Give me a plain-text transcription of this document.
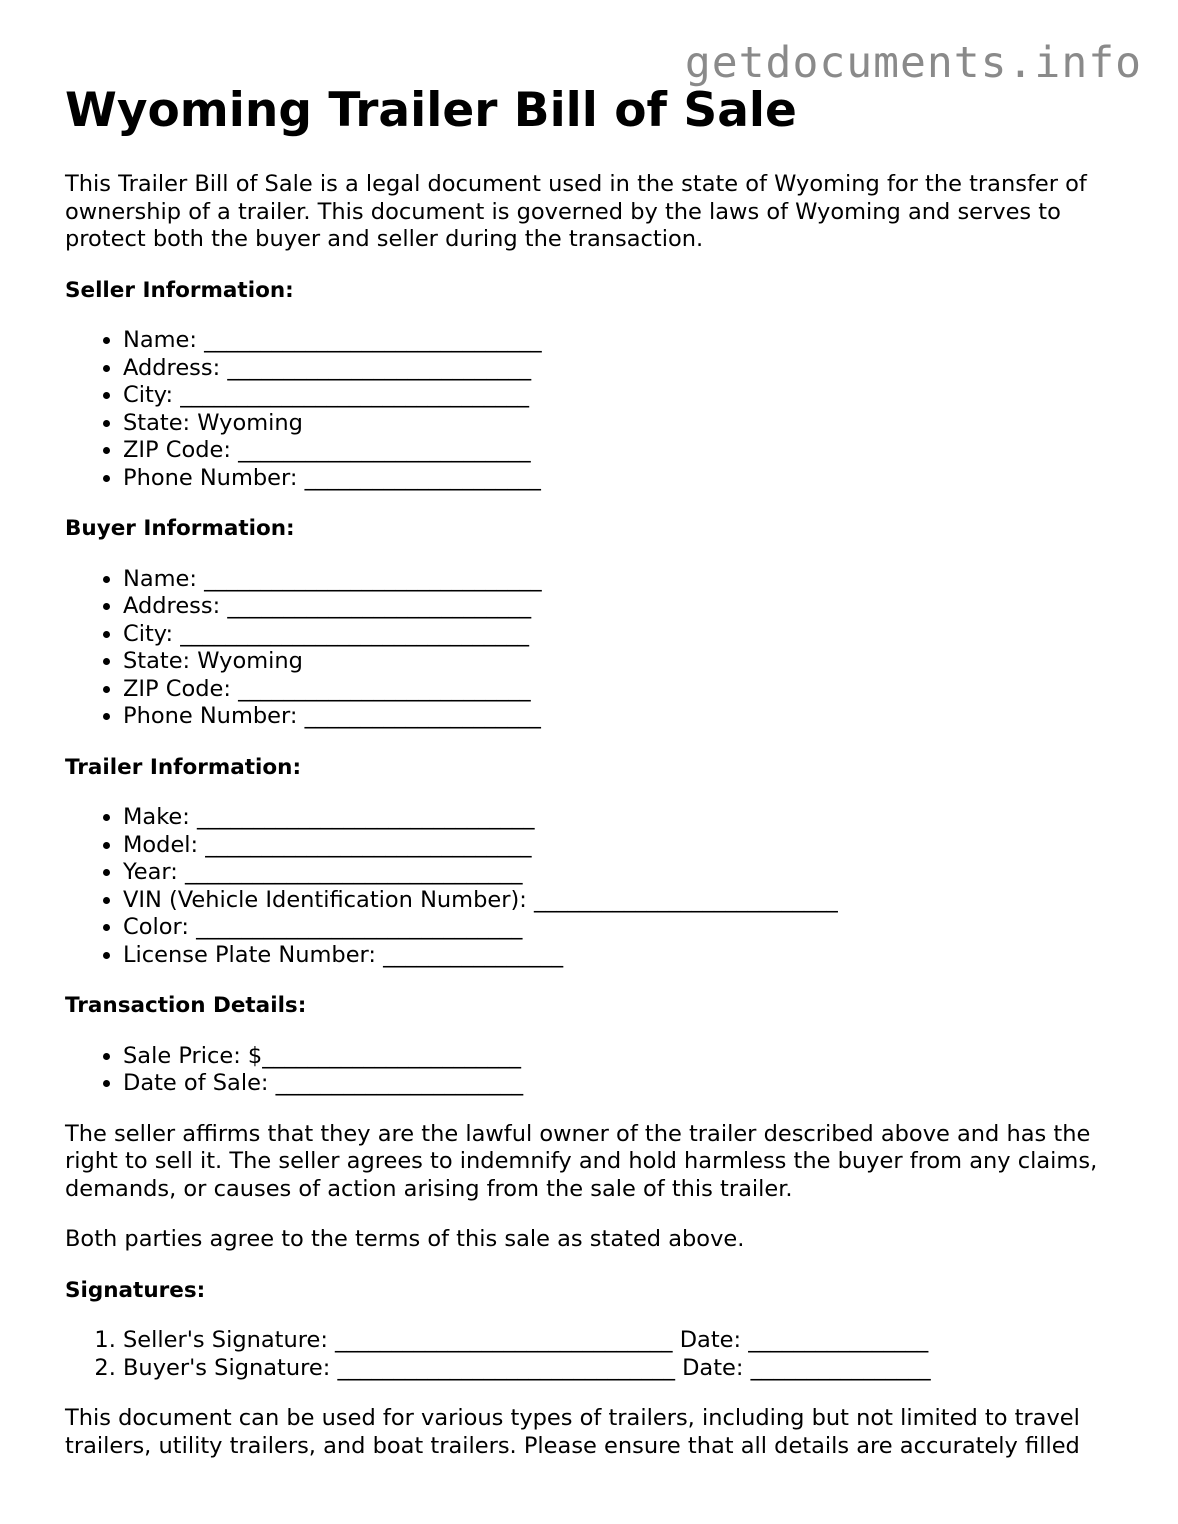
getdocuments.info
Wyoming Trailer Bill of Sale

This Trailer Bill of Sale is a legal document used in the state of Wyoming for the transfer of ownership of a trailer. This document is governed by the laws of Wyoming and serves to protect both the buyer and seller during the transaction.

Seller Information:
• Name: ______________________________
• Address: ___________________________
• City: _______________________________
• State: Wyoming
• ZIP Code: __________________________
• Phone Number: _____________________
Buyer Information:
• Name: ______________________________
• Address: ___________________________
• City: _______________________________
• State: Wyoming
• ZIP Code: __________________________
• Phone Number: _____________________
Trailer Information:
• Make: ______________________________
• Model: _____________________________
• Year: ______________________________
• VIN (Vehicle Identification Number): ___________________________
• Color: _____________________________
• License Plate Number: ________________
Transaction Details:
• Sale Price: $_______________________
• Date of Sale: ______________________

The seller affirms that they are the lawful owner of the trailer described above and has the right to sell it. The seller agrees to indemnify and hold harmless the buyer from any claims, demands, or causes of action arising from the sale of this trailer.

Both parties agree to the terms of this sale as stated above.

Signatures:
1. Seller's Signature: ______________________________ Date: ________________
2. Buyer's Signature: ______________________________ Date: ________________

This document can be used for various types of trailers, including but not limited to travel trailers, utility trailers, and boat trailers. Please ensure that all details are accurately filled
